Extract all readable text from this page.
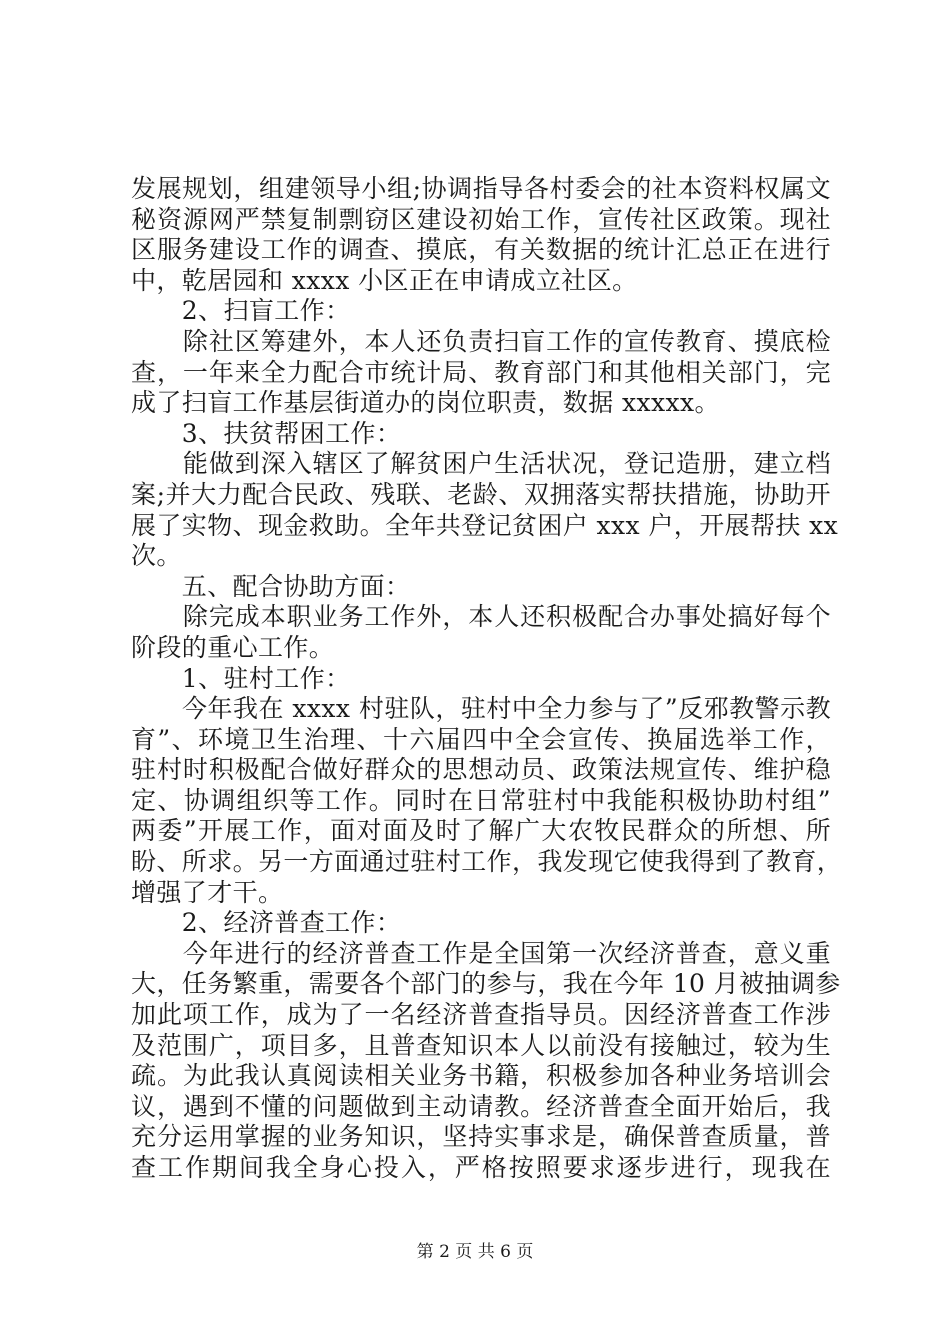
发展规划，组建领导小组;协调指导各村委会的社本资料权属文
秘资源网严禁复制剽窃区建设初始工作，宣传社区政策。现社
区服务建设工作的调查、摸底，有关数据的统计汇总正在进行
中，乾居园和 xxxx 小区正在申请成立社区。
　　2、扫盲工作：
　　除社区筹建外，本人还负责扫盲工作的宣传教育、摸底检
查，一年来全力配合市统计局、教育部门和其他相关部门，完
成了扫盲工作基层街道办的岗位职责，数据 xxxxx。
　　3、扶贫帮困工作：
　　能做到深入辖区了解贫困户生活状况，登记造册，建立档
案;并大力配合民政、残联、老龄、双拥落实帮扶措施，协助开
展了实物、现金救助。全年共登记贫困户 xxx 户，开展帮扶 xx
次。
　　五、配合协助方面：
　　除完成本职业务工作外，本人还积极配合办事处搞好每个
阶段的重心工作。
　　1、驻村工作：
　　今年我在 xxxx 村驻队，驻村中全力参与了”反邪教警示教
育”、环境卫生治理、十六届四中全会宣传、换届选举工作，
驻村时积极配合做好群众的思想动员、政策法规宣传、维护稳
定、协调组织等工作。同时在日常驻村中我能积极协助村组”
两委”开展工作，面对面及时了解广大农牧民群众的所想、所
盼、所求。另一方面通过驻村工作，我发现它使我得到了教育，
增强了才干。
　　2、经济普查工作：
　　今年进行的经济普查工作是全国第一次经济普查，意义重
大，任务繁重，需要各个部门的参与，我在今年 10 月被抽调参
加此项工作，成为了一名经济普查指导员。因经济普查工作涉
及范围广，项目多，且普查知识本人以前没有接触过，较为生
疏。为此我认真阅读相关业务书籍，积极参加各种业务培训会
议，遇到不懂的问题做到主动请教。经济普查全面开始后，我
充分运用掌握的业务知识，坚持实事求是，确保普查质量，普
查工作期间我全身心投入，严格按照要求逐步进行，现我在
第 2 页 共 6 页
